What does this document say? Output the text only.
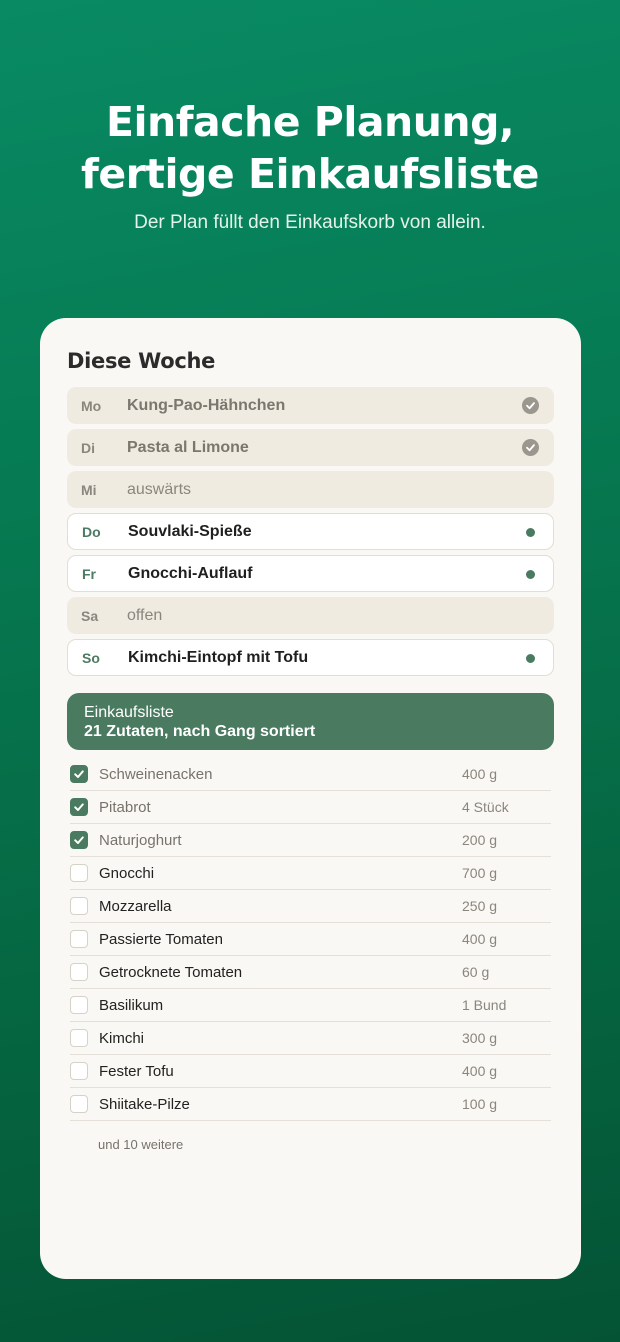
Einfache Planung,
fertige Einkaufsliste

Der Plan füllt den Einkaufskorb von allein.

Diese Woche
Mo	Kung-Pao-Hähnchen
Di	Pasta al Limone
Mi	auswärts
Do	Souvlaki-Spieße
Fr	Gnocchi-Auflauf
Sa	offen
So	Kimchi-Eintopf mit Tofu
Einkaufsliste
21 Zutaten, nach Gang sortiert
Schweinenacken	400 g
Pitabrot	4 Stück
Naturjoghurt	200 g
Gnocchi	700 g
Mozzarella	250 g
Passierte Tomaten	400 g
Getrocknete Tomaten	60 g
Basilikum	1 Bund
Kimchi	300 g
Fester Tofu	400 g
Shiitake-Pilze	100 g
und 10 weitere
